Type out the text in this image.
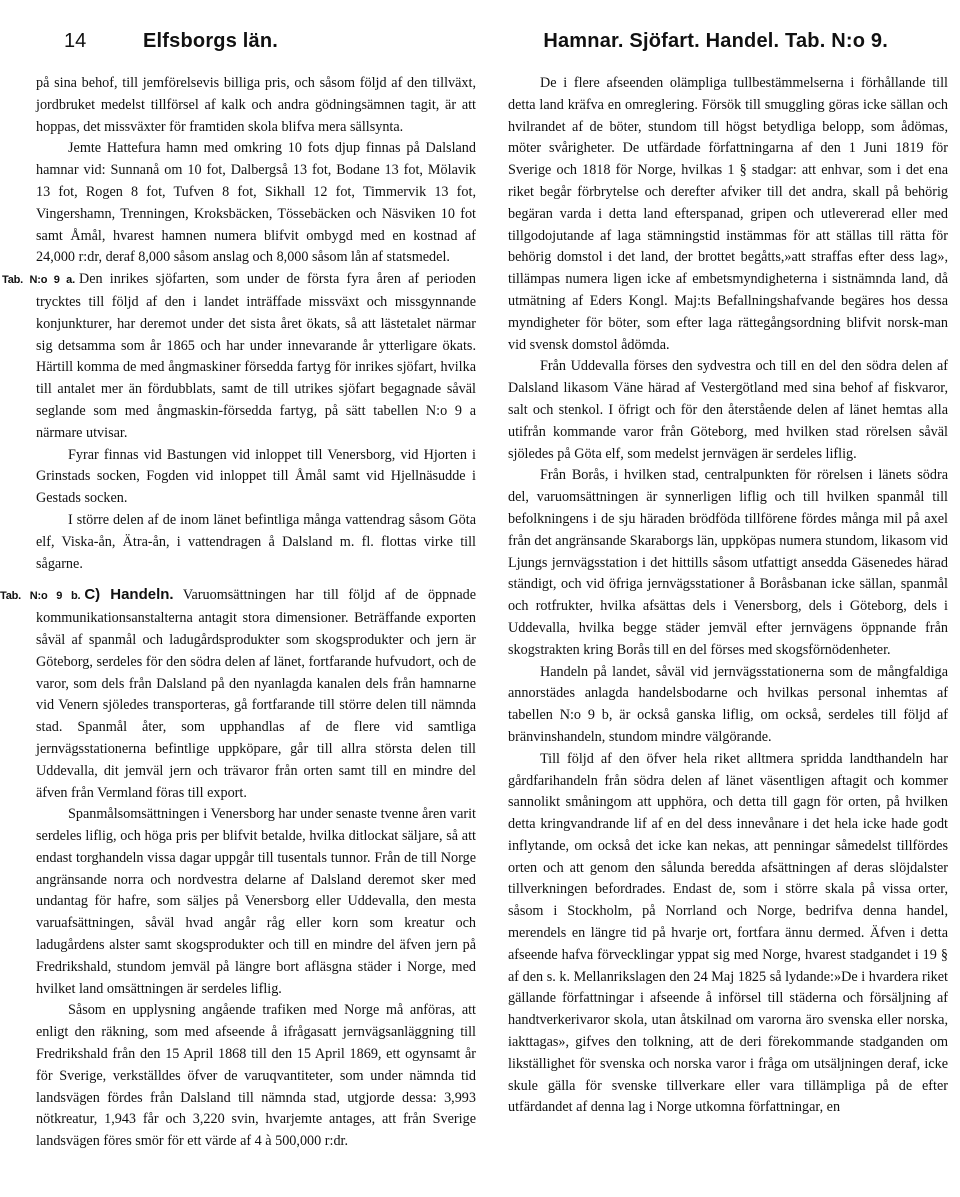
14	Elfsborgs län.	Hamnar. Sjöfart. Handel. Tab. N:o 9.

på sina behof, till jemförelsevis billiga pris, och såsom följd af den tillväxt, jordbruket medelst tillförsel af kalk och andra gödningsämnen tagit, är att hoppas, det missväxter för framtiden skola blifva mera sällsynta.

Jemte Hattefura hamn med omkring 10 fots djup finnas på Dalsland hamnar vid: Sunnanå om 10 fot, Dalbergså 13 fot, Bodane 13 fot, Mölavik 13 fot, Rogen 8 fot, Tufven 8 fot, Sikhall 12 fot, Timmervik 13 fot, Vingershamn, Trenningen, Kroksbäcken, Tössebäcken och Näsviken 10 fot samt Åmål, hvarest hamnen numera blifvit ombygd med en kostnad af 24,000 r:dr, deraf 8,000 såsom anslag och 8,000 såsom lån af statsmedel.

Tab. N:o 9 a. Den inrikes sjöfarten, som under de första fyra åren af perioden trycktes till följd af den i landet inträffade missväxt och missgynnande konjunkturer, har deremot under det sista året ökats, så att lästetalet närmar sig detsamma som år 1865 och har under innevarande år ytterligare ökats. Härtill komma de med ångmaskiner försedda fartyg för inrikes sjöfart, hvilka till antalet mer än fördubblats, samt de till utrikes sjöfart begagnade såväl seglande som med ångmaskin-försedda fartyg, på sätt tabellen N:o 9 a närmare utvisar.

Fyrar finnas vid Bastungen vid inloppet till Venersborg, vid Hjorten i Grinstads socken, Fogden vid inloppet till Åmål samt vid Hjellnäsudde i Gestads socken.

I större delen af de inom länet befintliga många vattendrag såsom Göta elf, Viska-ån, Ätra-ån, i vattendragen å Dalsland m. fl. flottas virke till sågarne.

Tab. N:o 9 b. C) Handeln. Varuomsättningen har till följd af de öppnade kommunikationsanstalterna antagit stora dimensioner. Beträffande exporten såväl af spanmål och ladugårdsprodukter som skogsprodukter och jern är Göteborg, serdeles för den södra delen af länet, fortfarande hufvudort, och de varor, som dels från Dalsland på den nyanlagda kanalen dels från hamnarne vid Venern sjöledes transporteras, gå fortfarande till större delen till nämnda stad. Spanmål åter, som upphandlas af de flere vid samtliga jernvägsstationerna befintlige uppköpare, går till allra största delen till Uddevalla, dit jemväl jern och trävaror från orten samt till en mindre del äfven från Vermland föras till export.

Spanmålsomsättningen i Venersborg har under senaste tvenne åren varit serdeles liflig, och höga pris per blifvit betalde, hvilka ditlockat säljare, så att endast torghandeln vissa dagar uppgår till tusentals tunnor. Från de till Norge angränsande norra och nordvestra delarne af Dalsland deremot sker med undantag för hafre, som säljes på Venersborg eller Uddevalla, den mesta varuafsättningen, såväl hvad angår råg eller korn som kreatur och ladugårdens alster samt skogsprodukter och till en mindre del äfven jern på Fredrikshald, stundom jemväl på längre bort afläsgna städer i Norge, med hvilket land omsättningen är serdeles liflig.

Såsom en upplysning angående trafiken med Norge må anföras, att enligt den räkning, som med afseende å ifrågasatt jernvägsanläggning till Fredrikshald från den 15 April 1868 till den 15 April 1869, ett ogynsamt år för Sverige, verkställdes öfver de varuqvantiteter, som under nämnda tid landsvägen fördes från Dalsland till nämnda stad, utgjorde dessa: 3,993 nötkreatur, 1,943 får och 3,220 svin, hvarjemte antages, att från Sverige landsvägen föres smör för ett värde af 4 à 500,000 r:dr.

De i flere afseenden olämpliga tullbestämmelserna i förhållande till detta land kräfva en omreglering. Försök till smuggling göras icke sällan och hvilrandet af de böter, stundom till högst betydliga belopp, som ådömas, möter svårigheter. De utfärdade författningarna af den 1 Juni 1819 för Sverige och 1818 för Norge, hvilkas 1 § stadgar: att enhvar, som i det ena riket begår förbrytelse och derefter afviker till det andra, skall på behörig begäran varda i detta land efterspanad, gripen och utlevererad eller med tillgodojutande af laga stämningstid instämmas för att ställas till rätta för behörig domstol i det land, der brottet begåtts,»att straffas efter dess lag», tillämpas numera ligen icke af embetsmyndigheterna i sistnämnda land, då utmätning af Eders Kongl. Maj:ts Befallningshafvande begäres hos dessa myndigheter för böter, som efter laga rättegångsordning blifvit norsk-man vid svensk domstol ådömda.

Från Uddevalla förses den sydvestra och till en del den södra delen af Dalsland likasom Väne härad af Vestergötland med sina behof af fiskvaror, salt och stenkol. I öfrigt och för den återstående delen af länet hemtas alla utifrån kommande varor från Göteborg, med hvilken stad rörelsen såväl sjöledes på Göta elf, som medelst jernvägen är serdeles liflig.

Från Borås, i hvilken stad, centralpunkten för rörelsen i länets södra del, varuomsättningen är synnerligen liflig och till hvilken spanmål till befolkningens i de sju häraden brödföda tillförene fördes många mil på axel från det angränsande Skaraborgs län, uppköpas numera stundom, likasom vid Ljungs jernvägsstation i det hittills såsom utfattigt ansedda Gäsenedes härad ständigt, och vid öfriga jernvägsstationer å Boråsbanan icke sällan, spanmål och rotfrukter, hvilka afsättas dels i Venersborg, dels i Göteborg, dels i Uddevalla, hvilka begge städer jemväl efter jernvägens öppnande från skogstrakten kring Borås till en del förses med skogsförnödenheter.

Handeln på landet, såväl vid jernvägsstationerna som de mångfaldiga annorstädes anlagda handelsbodarne och hvilkas personal inhemtas af tabellen N:o 9 b, är också ganska liflig, om också, serdeles till följd af bränvinshandeln, stundom mindre välgörande.

Till följd af den öfver hela riket alltmera spridda landthandeln har gårdfarihandeln från södra delen af länet väsentligen aftagit och kommer sannolikt småningom att upphöra, och detta till gagn för orten, på hvilken detta kringvandrande lif af en del dess innevånare i det hela icke hade godt inflytande, om också det icke kan nekas, att penningar såmedelst tillfördes orten och att genom den sålunda beredda afsättningen af deras slöjdalster tillverkningen befordrades. Endast de, som i större skala på vissa orter, såsom i Stockholm, på Norrland och Norge, bedrifva denna handel, merendels en längre tid på hvarje ort, fortfara ännu dermed. Äfven i detta afseende hafva förvecklingar yppat sig med Norge, hvarest stadgandet i 19 § af den s. k. Mellanrikslagen den 24 Maj 1825 så lydande:»De i hvardera riket gällande författningar i afseende å införsel till städerna och försäljning af handtverkerivaror skola, utan åtskilnad om varorna äro svenska eller norska, iakttagas», gifves den tolkning, att de deri förekommande stadganden om likställighet för svenska och norska varor i fråga om utsäljningen deraf, icke skule gälla för svenske tillverkare eller vara tillämpliga på de efter utfärdandet af denna lag i Norge utkomna författningar, en
